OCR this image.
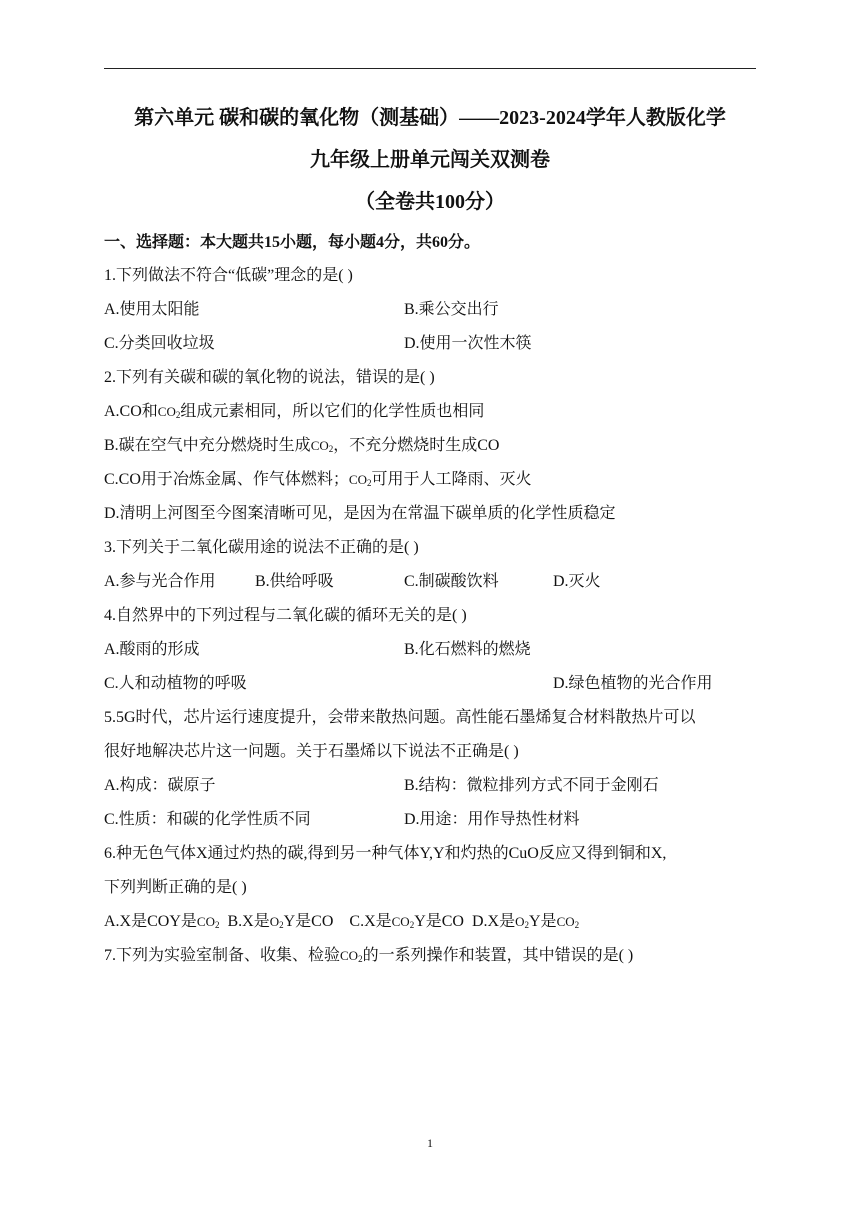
第六单元 碳和碳的氧化物（测基础）——2023-2024学年人教版化学
九年级上册单元闯关双测卷
（全卷共100分）
一、选择题：本大题共15小题，每小题4分，共60分。
1.下列做法不符合“低碳”理念的是( )
A.使用太阳能	B.乘公交出行
C.分类回收垃圾	D.使用一次性木筷
2.下列有关碳和碳的氧化物的说法，错误的是( )
A.CO和$CO_2$组成元素相同，所以它们的化学性质也相同
B.碳在空气中充分燃烧时生成$CO_2$，不充分燃烧时生成CO
C.CO用于冶炼金属、作气体燃料；$CO_2$可用于人工降雨、灭火
D.清明上河图至今图案清晰可见，是因为在常温下碳单质的化学性质稳定
3.下列关于二氧化碳用途的说法不正确的是( )
A.参与光合作用 B.供给呼吸	C.制碳酸饮料	D.灭火
4.自然界中的下列过程与二氧化碳的循环无关的是( )
A.酸雨的形成	B.化石燃料的燃烧
C.人和动植物的呼吸	D.绿色植物的光合作用
5.5G时代，芯片运行速度提升，会带来散热问题。高性能石墨烯复合材料散热片可以
很好地解决芯片这一问题。关于石墨烯以下说法不正确是( )
A.构成：碳原子	B.结构：微粒排列方式不同于金刚石
C.性质：和碳的化学性质不同	D.用途：用作导热性材料
6.种无色气体X通过灼热的碳,得到另一种气体Y,Y和灼热的CuO反应又得到铜和X,
下列判断正确的是( )
A.X是COY是$CO_2$ B.X是$O_2Y$是CO C.X是$CO_2Y$是CO D.X是$O_2Y$是$CO_2$
7.下列为实验室制备、收集、检验$CO_2$的一系列操作和装置，其中错误的是( )
1
